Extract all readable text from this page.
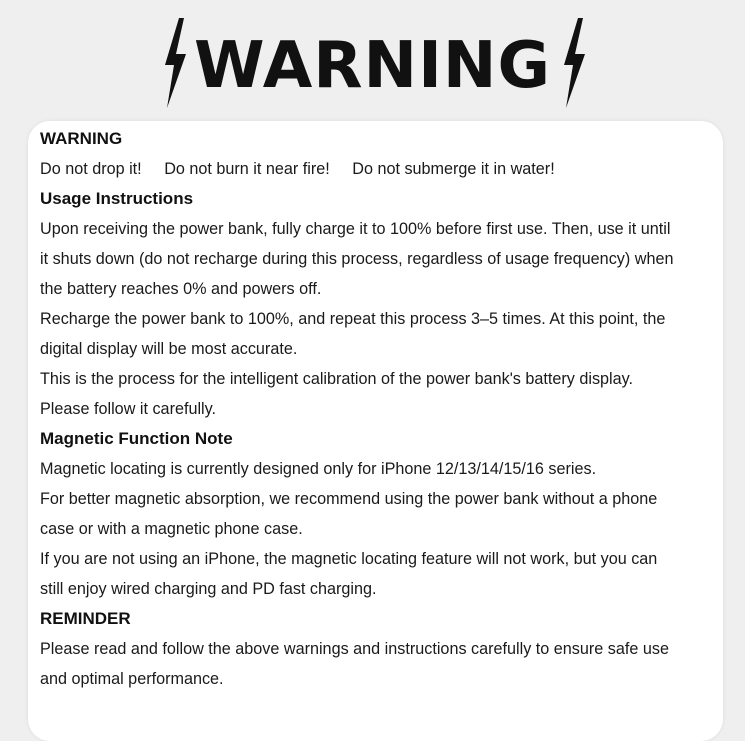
WARNING
WARNING
Do not drop it! Do not burn it near fire! Do not submerge it in water!
Usage Instructions
Upon receiving the power bank, fully charge it to 100% before first use. Then, use it until
it shuts down (do not recharge during this process, regardless of usage frequency) when
the battery reaches 0% and powers off.
Recharge the power bank to 100%, and repeat this process 3–5 times. At this point, the
digital display will be most accurate.
This is the process for the intelligent calibration of the power bank's battery display.
Please follow it carefully.
Magnetic Function Note
Magnetic locating is currently designed only for iPhone 12/13/14/15/16 series.
For better magnetic absorption, we recommend using the power bank without a phone
case or with a magnetic phone case.
If you are not using an iPhone, the magnetic locating feature will not work, but you can
still enjoy wired charging and PD fast charging.
REMINDER
Please read and follow the above warnings and instructions carefully to ensure safe use
and optimal performance.
